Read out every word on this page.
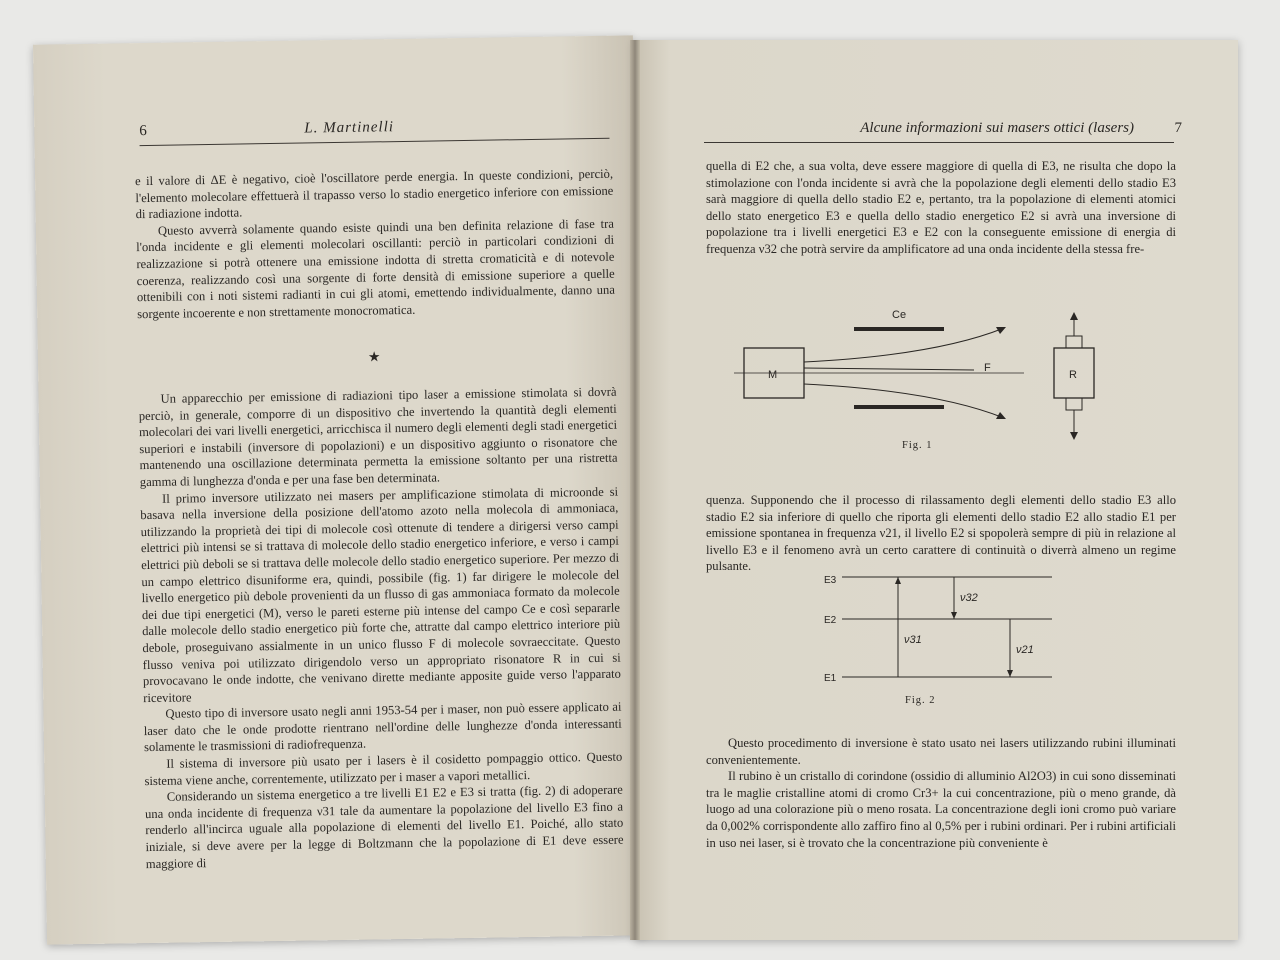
6	L. Martinelli

e il valore di ΔE è negativo, cioè l'oscillatore perde energia. In queste condizioni, perciò, l'elemento molecolare effettuerà il trapasso verso lo stadio energetico inferiore con emissione di radiazione indotta.

Questo avverrà solamente quando esiste quindi una ben definita relazione di fase tra l'onda incidente e gli elementi molecolari oscillanti: perciò in particolari condizioni di realizzazione si potrà ottenere una emissione indotta di stretta cromaticità e di notevole coerenza, realizzando così una sorgente di forte densità di emissione superiore a quelle ottenibili con i noti sistemi radianti in cui gli atomi, emettendo individualmente, danno una sorgente incoerente e non strettamente monocromatica.

★

Un apparecchio per emissione di radiazioni tipo laser a emissione stimolata si dovrà perciò, in generale, comporre di un dispositivo che invertendo la quantità degli elementi molecolari dei vari livelli energetici, arricchisca il numero degli elementi degli stadi energetici superiori e instabili (inversore di popolazioni) e un dispositivo aggiunto o risonatore che mantenendo una oscillazione determinata permetta la emissione soltanto per una ristretta gamma di lunghezza d'onda e per una fase ben determinata.

Il primo inversore utilizzato nei masers per amplificazione stimolata di microonde si basava nella inversione della posizione dell'atomo azoto nella molecola di ammoniaca, utilizzando la proprietà dei tipi di molecole così ottenute di tendere a dirigersi verso campi elettrici più intensi se si trattava di molecole dello stadio energetico inferiore, e verso i campi elettrici più deboli se si trattava delle molecole dello stadio energetico superiore. Per mezzo di un campo elettrico disuniforme era, quindi, possibile (fig. 1) far dirigere le molecole del livello energetico più debole provenienti da un flusso di gas ammoniaca formato da molecole dei due tipi energetici (M), verso le pareti esterne più intense del campo Ce e così separarle dalle molecole dello stadio energetico più forte che, attratte dal campo elettrico interiore più debole, proseguivano assialmente in un unico flusso F di molecole sovraeccitate. Questo flusso veniva poi utilizzato dirigendolo verso un appropriato risonatore R in cui si provocavano le onde indotte, che venivano dirette mediante apposite guide verso l'apparato ricevitore

Questo tipo di inversore usato negli anni 1953-54 per i maser, non può essere applicato ai laser dato che le onde prodotte rientrano nell'ordine delle lunghezze d'onda interessanti solamente le trasmissioni di radiofrequenza.

Il sistema di inversore più usato per i lasers è il cosidetto pompaggio ottico. Questo sistema viene anche, correntemente, utilizzato per i maser a vapori metallici.

Considerando un sistema energetico a tre livelli E1 E2 e E3 si tratta (fig. 2) di adoperare una onda incidente di frequenza ν31 tale da aumentare la popolazione del livello E3 fino a renderlo all'incirca uguale alla popolazione di elementi del livello E1. Poiché, allo stato iniziale, si deve avere per la legge di Boltzmann che la popolazione di E1 deve essere maggiore di

Alcune informazioni sui masers ottici (lasers)	7

quella di E2 che, a sua volta, deve essere maggiore di quella di E3, ne risulta che dopo la stimolazione con l'onda incidente si avrà che la popolazione degli elementi dello stadio E3 sarà maggiore di quella dello stadio E2 e, pertanto, tra la popolazione di elementi atomici dello stato energetico E3 e quella dello stadio energetico E2 si avrà una inversione di popolazione tra i livelli energetici E3 e E2 con la conseguente emissione di energia di frequenza ν32 che potrà servire da amplificatore ad una onda incidente della stessa fre-

M
Ce
F
R
Fig. 1

quenza. Supponendo che il processo di rilassamento degli elementi dello stadio E3 allo stadio E2 sia inferiore di quello che riporta gli elementi dello stadio E2 allo stadio E1 per emissione spontanea in frequenza ν21, il livello E2 si spopolerà sempre di più in relazione al livello E3 e il fenomeno avrà un certo carattere di continuità o diverrà almeno un regime pulsante.

E3
E2
E1
ν32
ν31
ν21
Fig. 2

Questo procedimento di inversione è stato usato nei lasers utilizzando rubini illuminati convenientemente.

Il rubino è un cristallo di corindone (ossidio di alluminio Al2O3) in cui sono disseminati tra le maglie cristalline atomi di cromo Cr3+ la cui concentrazione, più o meno grande, dà luogo ad una colorazione più o meno rosata. La concentrazione degli ioni cromo può variare da 0,002% corrispondente allo zaffiro fino al 0,5% per i rubini ordinari. Per i rubini artificiali in uso nei laser, si è trovato che la concentrazione più conveniente è
